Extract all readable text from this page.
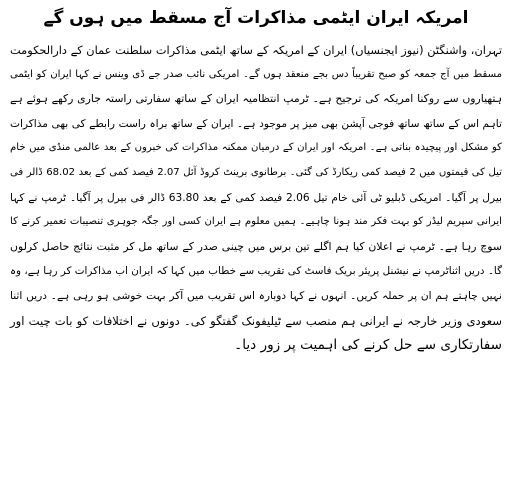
امریکہ ایران ایٹمی مذاکرات آج مسقط میں ہوں گے
تہران، واشنگٹن (نیوز ایجنسیاں) ایران کے امریکہ کے ساتھ ایٹمی مذاکرات سلطنت عمان کے دارالحکومت
مسقط میں آج جمعہ کو صبح تقریباً دس بجے منعقد ہوں گے۔ امریکی نائب صدر جے ڈی وینس نے کہا ایران کو ایٹمی
ہتھیاروں سے روکنا امریکہ کی ترجیح ہے۔ ٹرمپ انتظامیہ ایران کے ساتھ سفارتی راستہ جاری رکھے ہوئے ہے
تاہم اس کے ساتھ ساتھ فوجی آپشن بھی میز پر موجود ہے۔ ایران کے ساتھ براہ راست رابطے کی بھی مذاکرات
کو مشکل اور پیچیدہ بناتی ہے۔ امریکہ اور ایران کے درمیان ممکنہ مذاکرات کی خبروں کے بعد عالمی منڈی میں خام
تیل کی قیمتوں میں 2 فیصد کمی ریکارڈ کی گئی۔ برطانوی برینٹ کروڈ آئل 2.07 فیصد کمی کے بعد 68.02 ڈالر فی
بیرل پر آگیا۔ امریکی ڈبلیو ٹی آئی خام تیل 2.06 فیصد کمی کے بعد 63.80 ڈالر فی بیرل پر آگیا۔ ٹرمپ نے کہا
ایرانی سپریم لیڈر کو بہت فکر مند ہونا چاہیے۔ ہمیں معلوم ہے ایران کسی اور جگہ جوہری تنصیبات تعمیر کرنے کا
سوچ رہا ہے۔ ٹرمپ نے اعلان کیا ہم اگلے تین برس میں چینی صدر کے ساتھ مل کر مثبت نتائج حاصل کرلوں
گا۔ دریں اثناٹرمپ نے نیشنل پریئر بریک فاسٹ کی تقریب سے خطاب میں کہا کہ ایران اب مذاکرات کر رہا ہے، وہ
نہیں چاہتے ہم ان پر حملہ کریں۔ انہوں نے کہا دوبارہ اس تقریب میں آکر بہت خوشی ہو رہی ہے۔ دریں اثنا
سعودی وزیر خارجہ نے ایرانی ہم منصب سے ٹیلیفونک گفتگو کی۔ دونوں نے اختلافات کو بات چیت اور
سفارتکاری سے حل کرنے کی اہمیت پر زور دیا۔
